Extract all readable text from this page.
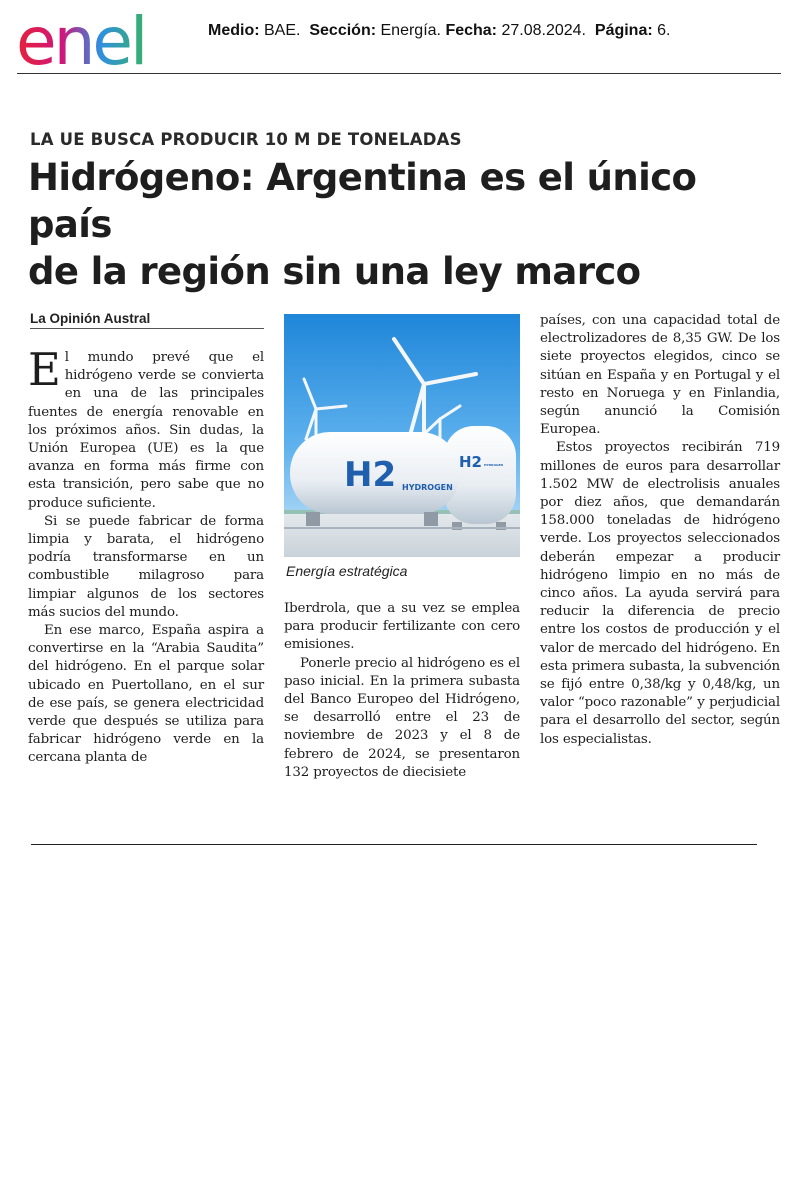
enel	Medio: BAE. Sección: Energía. Fecha: 27.08.2024. Página: 6.
LA UE BUSCA PRODUCIR 10 M DE TONELADAS
Hidrógeno: Argentina es el único país
de la región sin una ley marco
La Opinión Austral

El mundo prevé que el hidrógeno verde se convierta en una de las principales fuentes de energía renovable en los próximos años. Sin dudas, la Unión Europea (UE) es la que avanza en forma más firme con esta transición, pero sabe que no produce suficiente.

Si se puede fabricar de forma limpia y barata, el hidrógeno podría transformarse en un combustible milagroso para limpiar algunos de los sectores más sucios del mundo.

En ese marco, España aspira a convertirse en la “Arabia Saudita” del hidrógeno. En el parque solar ubicado en Puertollano, en el sur de ese país, se genera electricidad verde que después se utiliza para fabricar hidrógeno verde en la cercana planta de

H2 HYDROGEN
H2 HYDROGEN
Energía estratégica

Iberdrola, que a su vez se emplea para producir fertilizante con cero emisiones.

Ponerle precio al hidrógeno es el paso inicial. En la primera subasta del Banco Europeo del Hidrógeno, se desarrolló entre el 23 de noviembre de 2023 y el 8 de febrero de 2024, se presentaron 132 proyectos de diecisiete

países, con una capacidad total de electrolizadores de 8,35 GW. De los siete proyectos elegidos, cinco se sitúan en España y en Portugal y el resto en Noruega y en Finlandia, según anunció la Comisión Europea.

Estos proyectos recibirán 719 millones de euros para desarrollar 1.502 MW de electrolisis anuales por diez años, que demandarán 158.000 toneladas de hidrógeno verde. Los proyectos seleccionados deberán empezar a producir hidrógeno limpio en no más de cinco años. La ayuda servirá para reducir la diferencia de precio entre los costos de producción y el valor de mercado del hidrógeno. En esta primera subasta, la subvención se fijó entre 0,38/kg y 0,48/kg, un valor “poco razonable” y perjudicial para el desarrollo del sector, según los especialistas.
